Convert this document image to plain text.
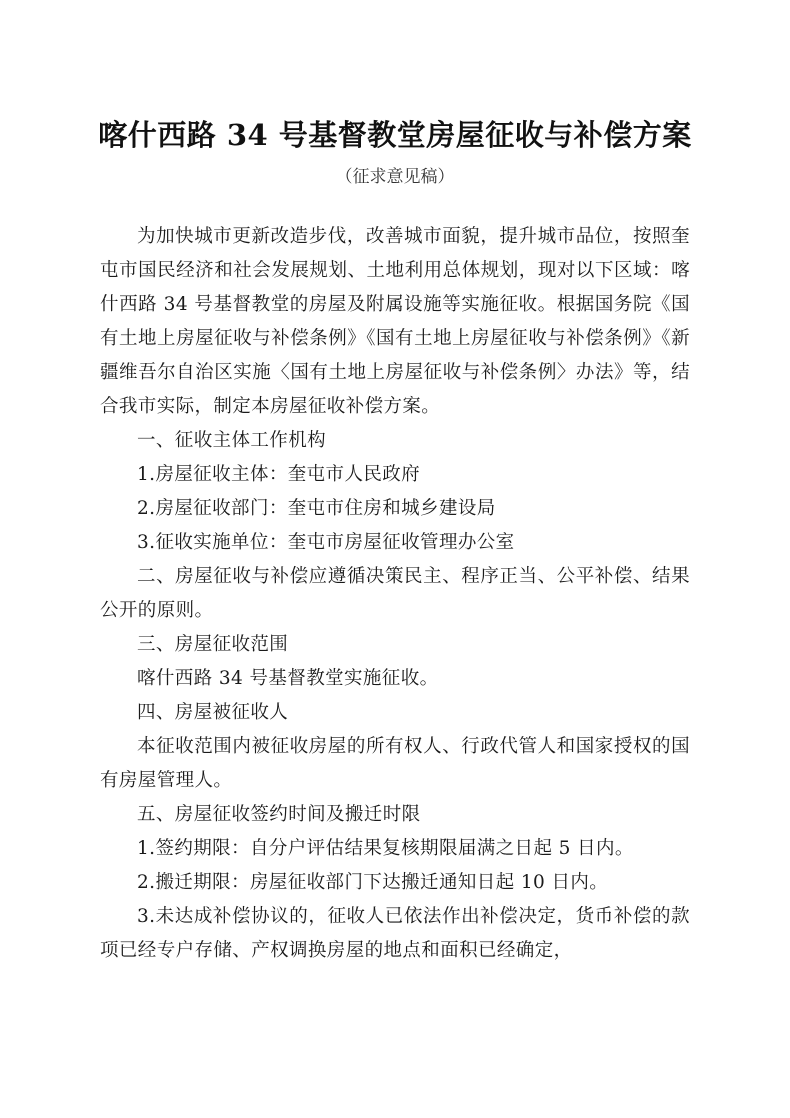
喀什西路 34 号基督教堂房屋征收与补偿方案

（征求意见稿）

为加快城市更新改造步伐，改善城市面貌，提升城市品位，按照奎屯市国民经济和社会发展规划、土地利用总体规划，现对以下区域：喀什西路 34 号基督教堂的房屋及附属设施等实施征收。根据国务院《国有土地上房屋征收与补偿条例》《国有土地上房屋征收与补偿条例》《新疆维吾尔自治区实施〈国有土地上房屋征收与补偿条例〉办法》等，结合我市实际，制定本房屋征收补偿方案。

一、征收主体工作机构

1.房屋征收主体：奎屯市人民政府

2.房屋征收部门：奎屯市住房和城乡建设局

3.征收实施单位：奎屯市房屋征收管理办公室

二、房屋征收与补偿应遵循决策民主、程序正当、公平补偿、结果公开的原则。

三、房屋征收范围

喀什西路 34 号基督教堂实施征收。

四、房屋被征收人

本征收范围内被征收房屋的所有权人、行政代管人和国家授权的国有房屋管理人。

五、房屋征收签约时间及搬迁时限

1.签约期限：自分户评估结果复核期限届满之日起 5 日内。

2.搬迁期限：房屋征收部门下达搬迁通知日起 10 日内。

3.未达成补偿协议的，征收人已依法作出补偿决定，货币补偿的款项已经专户存储、产权调换房屋的地点和面积已经确定，
